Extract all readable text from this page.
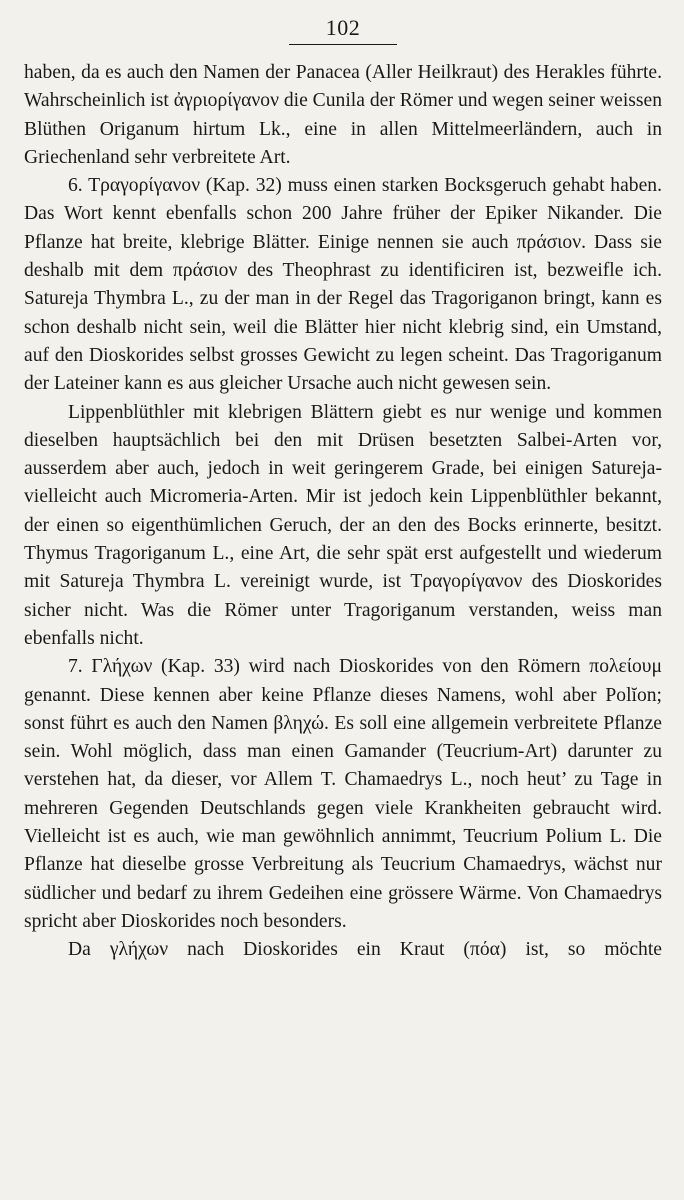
102

haben, da es auch den Namen der Panacea (Aller Heilkraut) des Herakles führte. Wahrscheinlich ist ἀγριορίγανον die Cunila der Römer und wegen seiner weissen Blüthen Origanum hirtum Lk., eine in allen Mittelmeerländern, auch in Griechenland sehr verbreitete Art.

6. Τραγορίγανον (Kap. 32) muss einen starken Bocksgeruch gehabt haben. Das Wort kennt ebenfalls schon 200 Jahre früher der Epiker Nikander. Die Pflanze hat breite, klebrige Blätter. Einige nennen sie auch πράσιον. Dass sie deshalb mit dem πράσιον des Theophrast zu identificiren ist, bezweifle ich. Satureja Thymbra L., zu der man in der Regel das Tragoriganon bringt, kann es schon deshalb nicht sein, weil die Blätter hier nicht klebrig sind, ein Umstand, auf den Dioskorides selbst grosses Gewicht zu legen scheint. Das Tragoriganum der Lateiner kann es aus gleicher Ursache auch nicht gewesen sein.

Lippenblüthler mit klebrigen Blättern giebt es nur wenige und kommen dieselben hauptsächlich bei den mit Drüsen besetzten Salbei-Arten vor, ausserdem aber auch, jedoch in weit geringerem Grade, bei einigen Satureja- vielleicht auch Micromeria-Arten. Mir ist jedoch kein Lippenblüthler bekannt, der einen so eigenthümlichen Geruch, der an den des Bocks erinnerte, besitzt. Thymus Tragoriganum L., eine Art, die sehr spät erst aufgestellt und wiederum mit Satureja Thymbra L. vereinigt wurde, ist Τραγορίγανον des Dioskorides sicher nicht. Was die Römer unter Tragoriganum verstanden, weiss man ebenfalls nicht.

7. Γλήχων (Kap. 33) wird nach Dioskorides von den Römern πολείουμ genannt. Diese kennen aber keine Pflanze dieses Namens, wohl aber Polĭon; sonst führt es auch den Namen βληχώ. Es soll eine allgemein verbreitete Pflanze sein. Wohl möglich, dass man einen Gamander (Teucrium-Art) darunter zu verstehen hat, da dieser, vor Allem T. Chamaedrys L., noch heut’ zu Tage in mehreren Gegenden Deutschlands gegen viele Krankheiten gebraucht wird. Vielleicht ist es auch, wie man gewöhnlich annimmt, Teucrium Polium L. Die Pflanze hat dieselbe grosse Verbreitung als Teucrium Chamaedrys, wächst nur südlicher und bedarf zu ihrem Gedeihen eine grössere Wärme. Von Chamaedrys spricht aber Dioskorides noch besonders.

Da γλήχων nach Dioskorides ein Kraut (πόα) ist, so möchte
